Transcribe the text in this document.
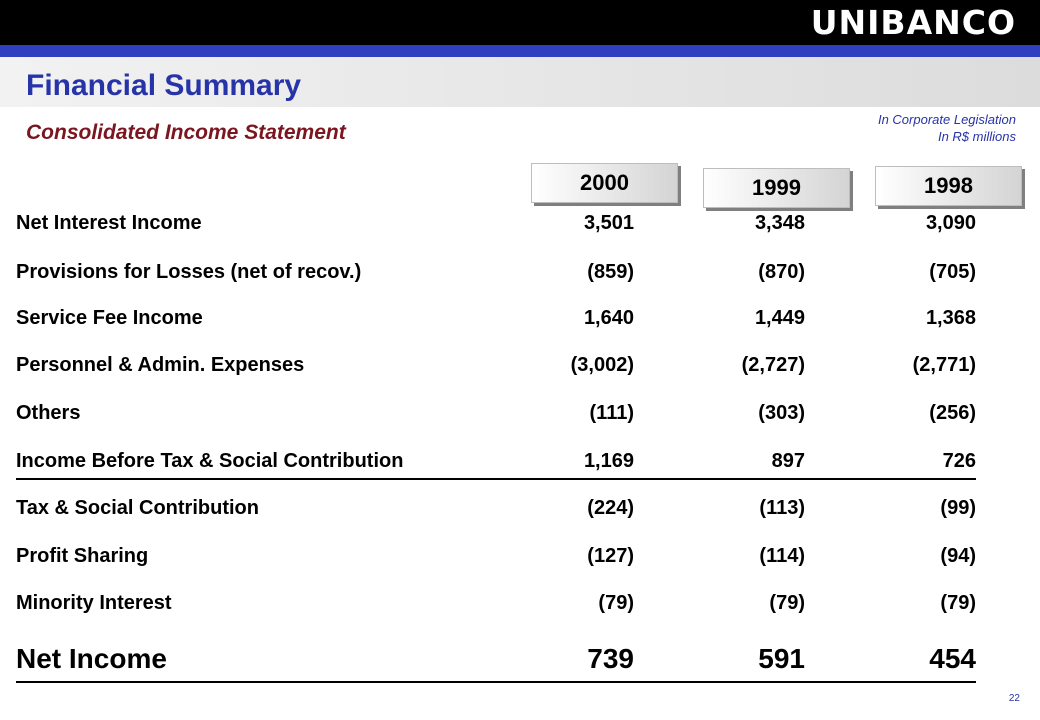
UNIBANCO
Financial Summary
Consolidated Income Statement
In Corporate Legislation
In R$ millions
2000	1999	1998
Net Interest Income	3,501	3,348	3,090
Provisions for Losses (net of recov.)	(859)	(870)	(705)
Service Fee Income	1,640	1,449	1,368
Personnel & Admin. Expenses	(3,002)	(2,727)	(2,771)
Others	(111)	(303)	(256)
Income Before Tax & Social Contribution	1,169	897	726
Tax & Social Contribution	(224)	(113)	(99)
Profit Sharing	(127)	(114)	(94)
Minority Interest	(79)	(79)	(79)
Net Income	739	591	454
22
